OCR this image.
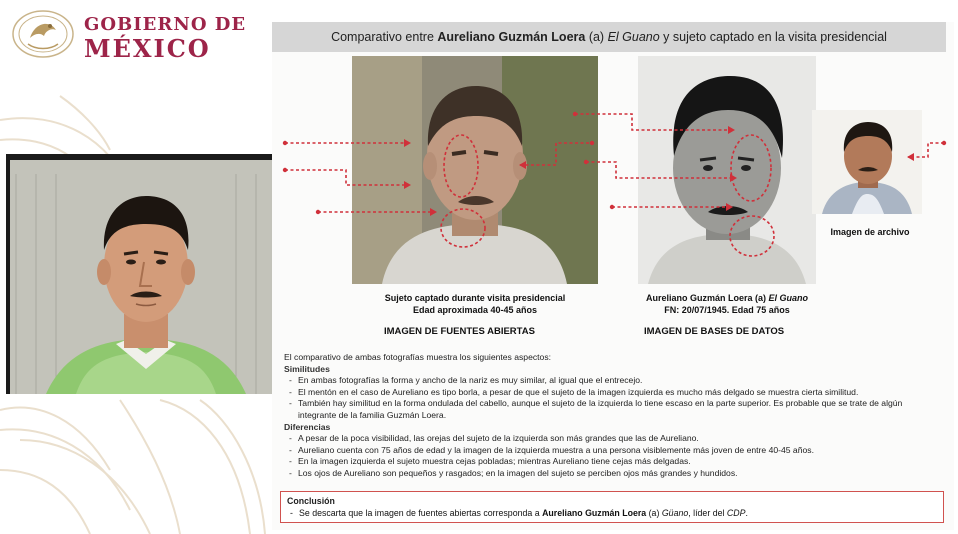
GOBIERNO DE
MÉXICO	Comparativo entre Aureliano Guzmán Loera (a) El Guano y sujeto captado en la visita presidencial
Sujeto captado durante visita presidencial
Edad aproximada 40-45 años
IMAGEN DE FUENTES ABIERTAS
Aureliano Guzmán Loera (a) El Guano
FN: 20/07/1945. Edad 75 años
IMAGEN DE BASES DE DATOS
Imagen de archivo
El comparativo de ambas fotografías muestra los siguientes aspectos:
Similitudes
- En ambas fotografías la forma y ancho de la nariz es muy similar, al igual que el entrecejo.
- El mentón en el caso de Aureliano es tipo borla, a pesar de que el sujeto de la imagen izquierda es mucho más delgado se muestra cierta similitud.
- También hay similitud en la forma ondulada del cabello, aunque el sujeto de la izquierda lo tiene escaso en la parte superior. Es probable que se trate de algún integrante de la familia Guzmán Loera.
Diferencias
- A pesar de la poca visibilidad, las orejas del sujeto de la izquierda son más grandes que las de Aureliano.
- Aureliano cuenta con 75 años de edad y la imagen de la izquierda muestra a una persona visiblemente más joven de entre 40-45 años.
- En la imagen izquierda el sujeto muestra cejas pobladas; mientras Aureliano tiene cejas más delgadas.
- Los ojos de Aureliano son pequeños y rasgados; en la imagen del sujeto se perciben ojos más grandes y hundidos.
Conclusión
- Se descarta que la imagen de fuentes abiertas corresponda a Aureliano Guzmán Loera (a) Güano, líder del CDP.
